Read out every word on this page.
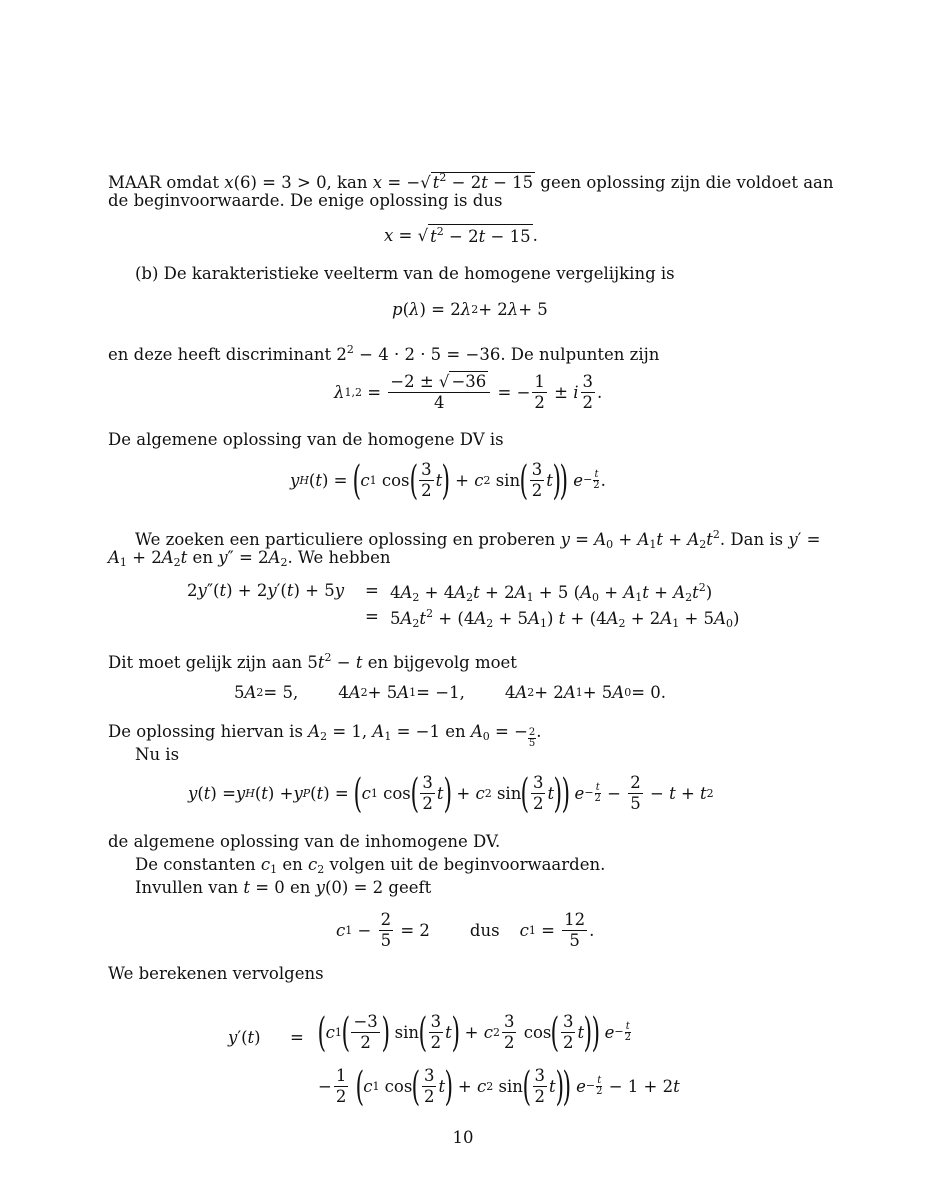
MAAR omdat x(6) = 3 > 0, kan x = −√ $t^2 - 2t - 15$ geen oplossing zijn die voldoet aan
de beginvoorwaarde. De enige oplossing is dus
x = √ $t^2 - 2t - 15$ .
(b) De karakteristieke veelterm van de homogene vergelijking is
p ( λ ) = 2 λ 2 + 2 λ + 5
en deze heeft discriminant $2^2 - 4 \cdot 2 \cdot 5 = -36$. De nulpunten zijn
λ $1,2 = \frac{-2 \pm √ -36}{4}$ = − $\frac{1}{2} \pm i \frac{3}{2}$ .
De algemene oplossing van de homogene DV is
y H ( t ) = ( c 1 cos ( $\frac{3}{2}$ t ) + c 2 sin ( $\frac{3}{2}$ t ) )
$e - \frac{t}{2}$ .
We zoeken een particuliere oplossing en proberen $y = A_0 + A_1t + A_2t^2$. Dan is y′ =
$A_1 + 2A_2t$ en $y'' = 2A_2$. We hebben
$2y''(t) + 2y'(t) + 5y = 4A_2 + 4A_2t + 2A_1 + 5$ $(A_0 + A_1t + A_2t^2)$
= $5A_2t^2 + (4A_2 + 5A_1) t + (4A_2 + 2A_1 + 5A_0)$
Dit moet gelijk zijn aan $5t^2 - t$ en bijgevolg moet
5 A 2 = 5, 4 A 2 + 5 A 1 = −1, 4 A 2 + 2 A 1 + 5 A 0 = 0.
De oplossing hiervan is $A_2 = 1$, $A_1 = -1$ en $A_0$ = − $\frac{2}{5}$ .
Nu is
y ( t ) = y H ( t ) + y P ( t ) = ( c 1 cos ( $\frac{3}{2}$ t ) + c 2 sin ( $\frac{3}{2}$ t ) )
$e - \frac{t}{2} - \frac{2}{5} - t + t$ 2
de algemene oplossing van de inhomogene DV.
De constanten $c_1$ en $c_2$ volgen uit de beginvoorwaarden.
Invullen van t = 0 en y(0) = 2 geeft
c $1 - \frac{2}{5} = 2$ dus c $1 = \frac{12}{5}$ .
We berekenen vervolgens
y′(t) = ( c 1 ( $\frac{-3}{2}$ ) sin ( $\frac{3}{2}$ t ) + c $2 \frac{3}{2}$ cos ( $\frac{3}{2}$ t ) )
$e - \frac{t}{2}$
− $\frac{1}{2}$
( c 1 cos ( $\frac{3}{2}$ t ) + c 2 sin ( $\frac{3}{2}$ t ) )
$e - \frac{t}{2} - 1 + 2$ t
10
